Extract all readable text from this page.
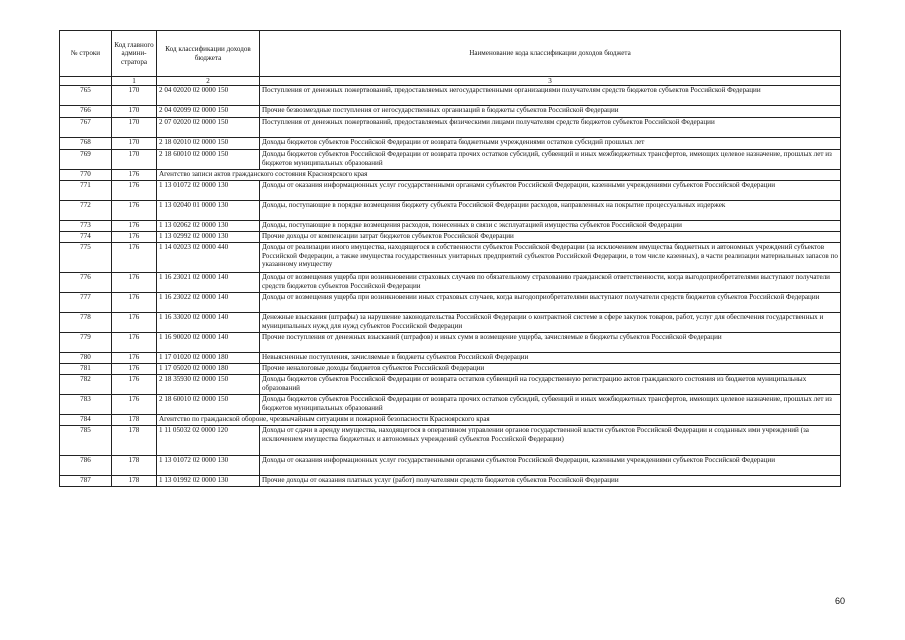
№ строки	Код главного админи-стратора	Код классификации доходов бюджета	Наименование кода классификации доходов бюджета
	1	2	3
765	170	2 04 02020 02 0000 150	Поступления от денежных пожертвований, предоставляемых негосударственными организациями получателям средств бюджетов субъектов Российской Федерации
766	170	2 04 02099 02 0000 150	Прочие безвозмездные поступления от негосударственных организаций в бюджеты субъектов Российской Федерации
767	170	2 07 02020 02 0000 150	Поступления от денежных пожертвований, предоставляемых физическими лицами получателям средств бюджетов субъектов Российской Федерации
768	170	2 18 02010 02 0000 150	Доходы бюджетов субъектов Российской Федерации от возврата бюджетными учреждениями остатков субсидий прошлых лет
769	170	2 18 60010 02 0000 150	Доходы бюджетов субъектов Российской Федерации от возврата прочих остатков субсидий, субвенций и иных межбюджетных трансфертов, имеющих целевое назначение, прошлых лет из бюджетов муниципальных образований
770	176	Агентство записи актов гражданского состояния Красноярского края	
771	176	1 13 01072 02 0000 130	Доходы от оказания информационных услуг государственными органами субъектов Российской Федерации, казенными учреждениями субъектов Российской Федерации
772	176	1 13 02040 01 0000 130	Доходы, поступающие в порядке возмещения бюджету субъекта Российской Федерации расходов, направленных на покрытие процессуальных издержек
773	176	1 13 02062 02 0000 130	Доходы, поступающие в порядке возмещения расходов, понесенных в связи с эксплуатацией имущества субъектов Российской Федерации
774	176	1 13 02992 02 0000 130	Прочие доходы от компенсации затрат бюджетов субъектов Российской Федерации
775	176	1 14 02023 02 0000 440	Доходы от реализации иного имущества, находящегося в собственности субъектов Российской Федерации (за исключением имущества бюджетных и автономных учреждений субъектов Российской Федерации, а также имущества государственных унитарных предприятий субъектов Российской Федерации, в том числе казенных), в части реализации материальных запасов по указанному имуществу
776	176	1 16 23021 02 0000 140	Доходы от возмещения ущерба при возникновении страховых случаев по обязательному страхованию гражданской ответственности, когда выгодоприобретателями выступают получатели средств бюджетов субъектов Российской Федерации
777	176	1 16 23022 02 0000 140	Доходы от возмещения ущерба при возникновении иных страховых случаев, когда выгодоприобретателями выступают получатели средств бюджетов субъектов Российской Федерации
778	176	1 16 33020 02 0000 140	Денежные взыскания (штрафы) за нарушение законодательства Российской Федерации о контрактной системе в сфере закупок товаров, работ, услуг для обеспечения государственных и муниципальных нужд для нужд субъектов Российской Федерации
779	176	1 16 90020 02 0000 140	Прочие поступления от денежных взысканий (штрафов) и иных сумм в возмещение ущерба, зачисляемые в бюджеты субъектов Российской Федерации
780	176	1 17 01020 02 0000 180	Невыясненные поступления, зачисляемые в бюджеты субъектов Российской Федерации
781	176	1 17 05020 02 0000 180	Прочие неналоговые доходы бюджетов субъектов Российской Федерации
782	176	2 18 35930 02 0000 150	Доходы бюджетов субъектов Российской Федерации от возврата остатков субвенций на государственную регистрацию актов гражданского состояния из бюджетов муниципальных образований
783	176	2 18 60010 02 0000 150	Доходы бюджетов субъектов Российской Федерации от возврата прочих остатков субсидий, субвенций и иных межбюджетных трансфертов, имеющих целевое назначение, прошлых лет из бюджетов муниципальных образований
784	178	Агентство по гражданской обороне, чрезвычайным ситуациям и пожарной безопасности Красноярского края	
785	178	1 11 05032 02 0000 120	Доходы от сдачи в аренду имущества, находящегося в оперативном управлении органов государственной власти субъектов Российской Федерации и созданных ими учреждений (за исключением имущества бюджетных и автономных учреждений субъектов Российской Федерации)
786	178	1 13 01072 02 0000 130	Доходы от оказания информационных услуг государственными органами субъектов Российской Федерации, казенными учреждениями субъектов Российской Федерации
787	178	1 13 01992 02 0000 130	Прочие доходы от оказания платных услуг (работ) получателями средств бюджетов субъектов Российской Федерации
60
